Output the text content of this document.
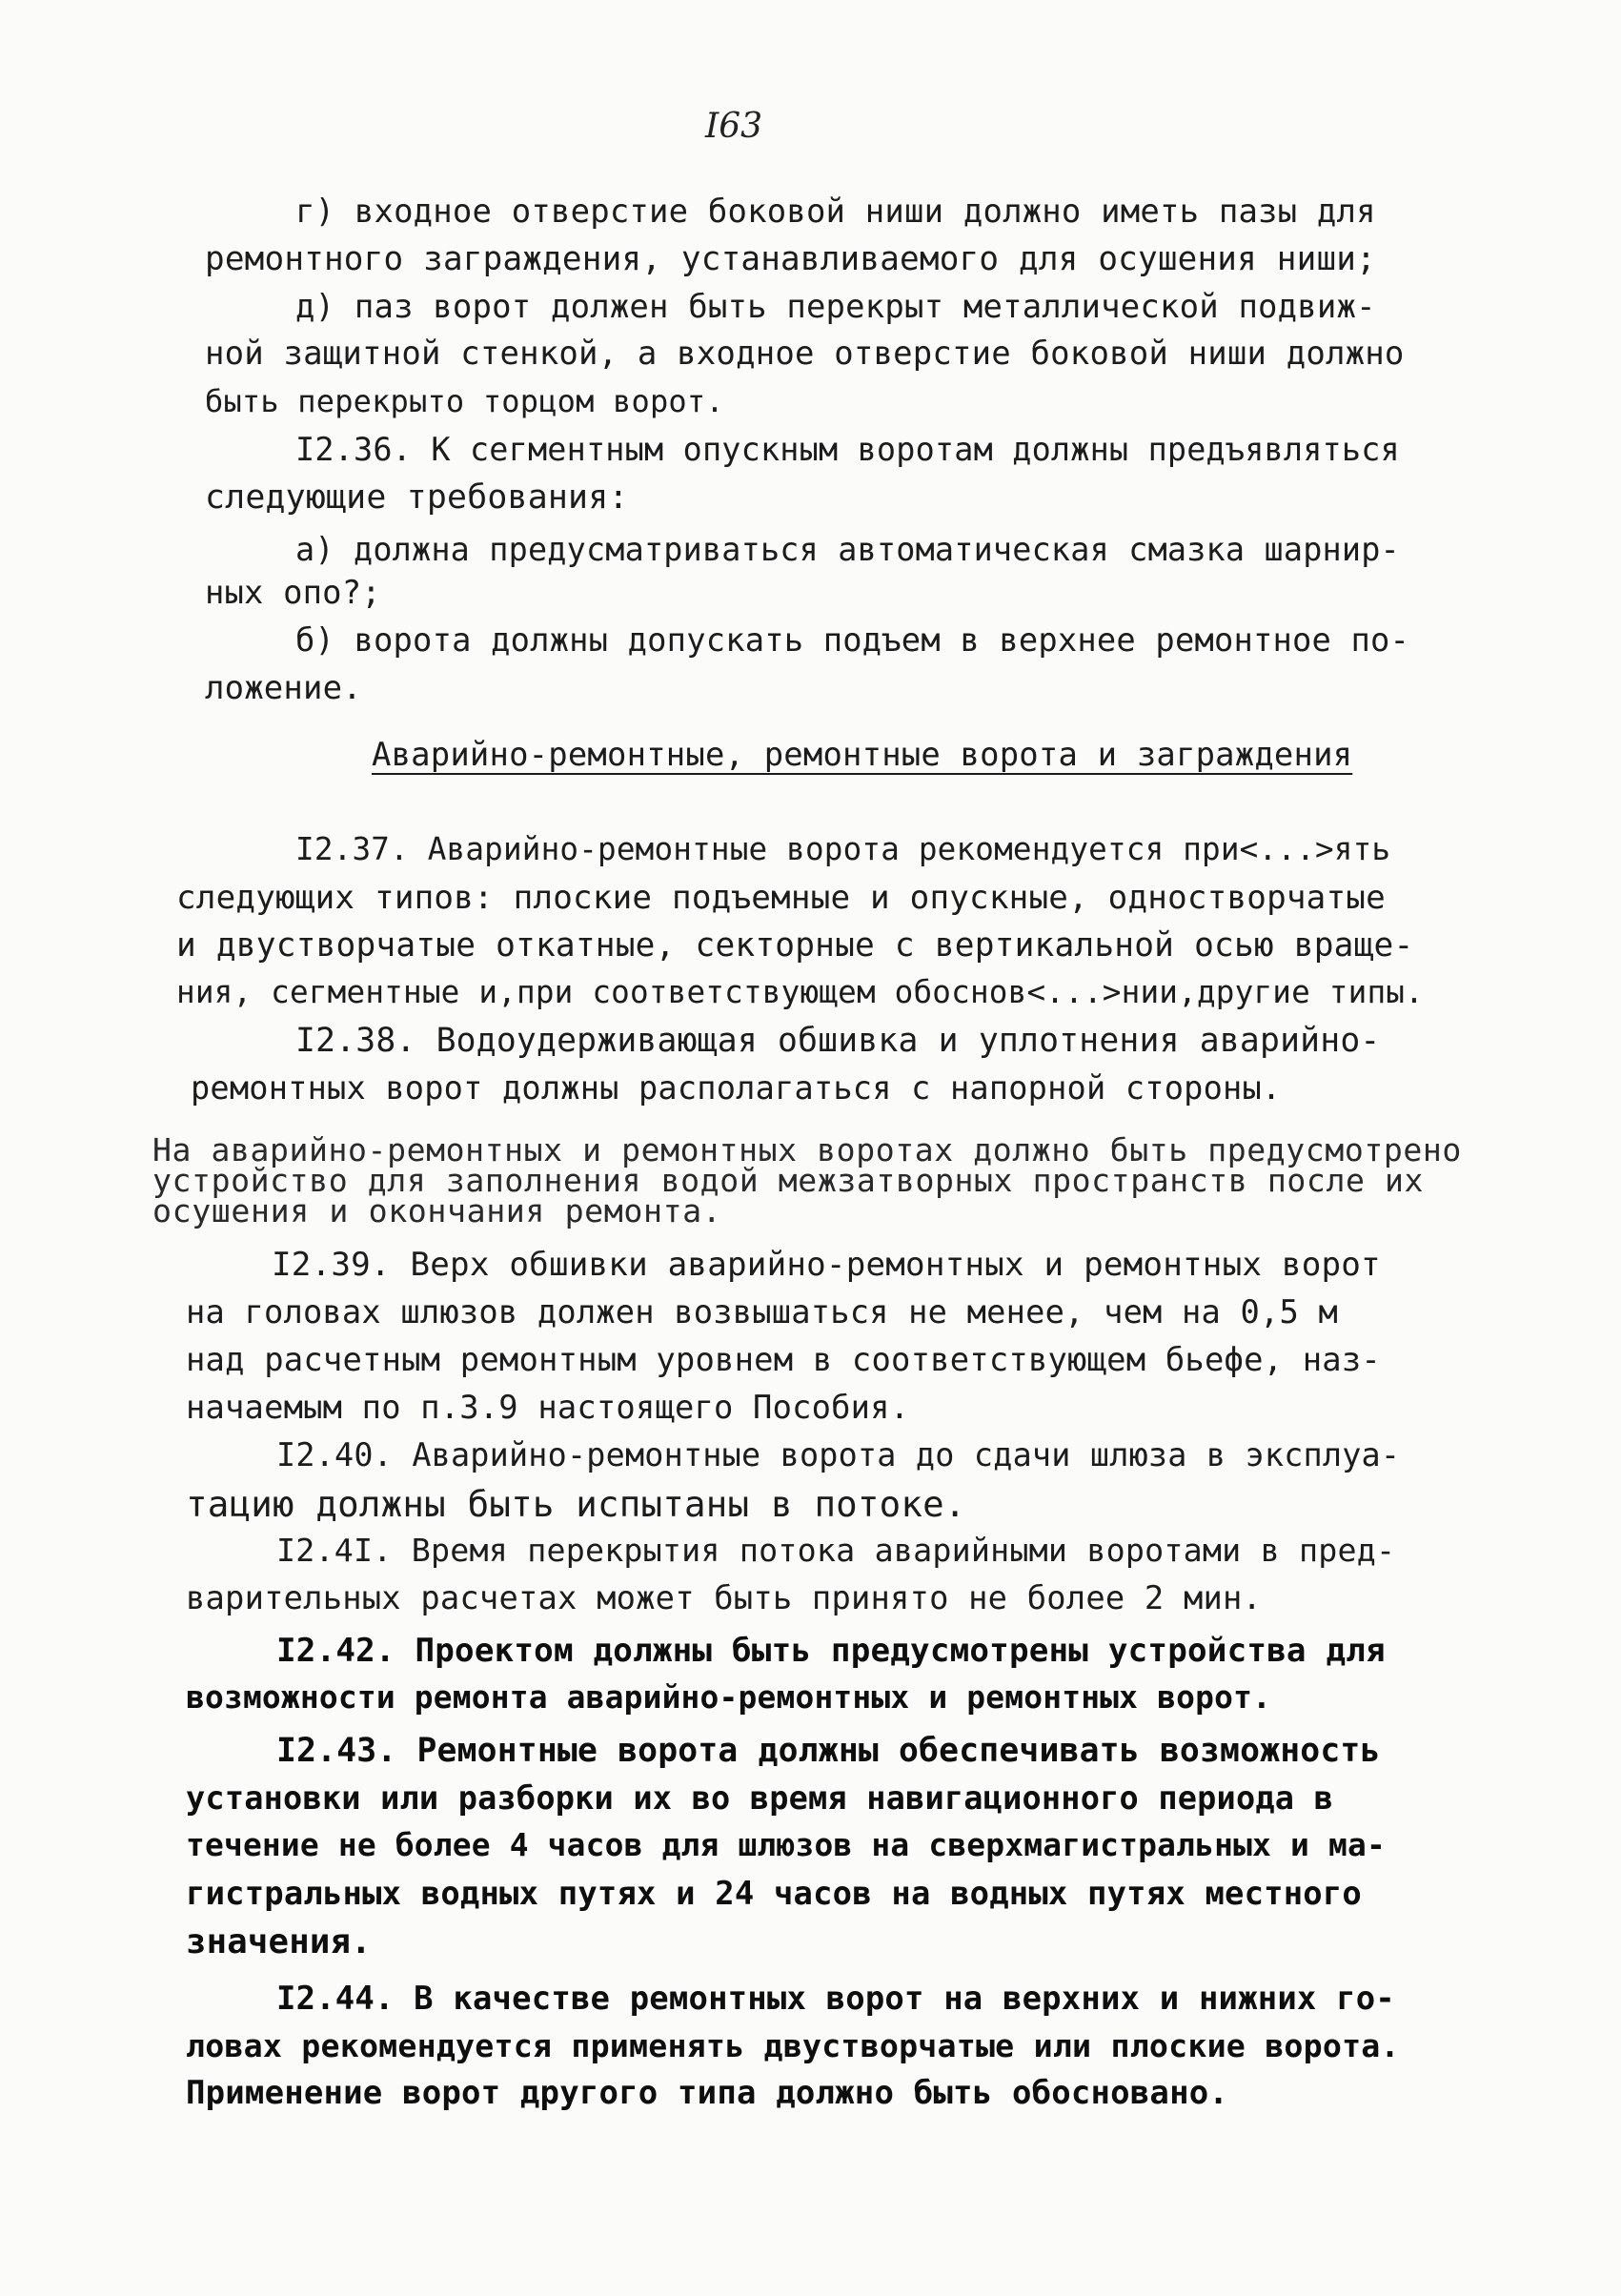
I63
г) входное отверстие боковой ниши должно иметь пазы для
ремонтного заграждения, устанавливаемого для осушения ниши;
д) паз ворот должен быть перекрыт металлической подвиж-
ной защитной стенкой, а входное отверстие боковой ниши должно
быть перекрыто торцом ворот.
I2.36. К сегментным опускным воротам должны предъявляться
следующие требования:
а) должна предусматриваться автоматическая смазка шарнир-
ных опо?;
б) ворота должны допускать подъем в верхнее ремонтное по-
ложение.
Аварийно-ремонтные, ремонтные ворота и заграждения
I2.37. Аварийно-ремонтные ворота рекомендуется при<...>ять
следующих типов: плоские подъемные и опускные, одностворчатые
и двустворчатые откатные, секторные с вертикальной осью враще-
ния, сегментные и,при соответствующем обоснов<...>нии,другие типы.
I2.38. Водоудерживающая обшивка и уплотнения аварийно-
ремонтных ворот должны располагаться с напорной стороны.
На аварийно-ремонтных и ремонтных воротах должно быть предусмотрено
устройство для заполнения водой межзатворных пространств после их
осушения и окончания ремонта.
I2.39. Верх обшивки аварийно-ремонтных и ремонтных ворот
на головах шлюзов должен возвышаться не менее, чем на 0,5 м
над расчетным ремонтным уровнем в соответствующем бьефе, наз-
начаемым по п.3.9 настоящего Пособия.
I2.40. Аварийно-ремонтные ворота до сдачи шлюза в эксплуа-
тацию должны быть испытаны в потоке.
I2.4I. Время перекрытия потока аварийными воротами в пред-
варительных расчетах может быть принято не более 2 мин.
I2.42. Проектом должны быть предусмотрены устройства для
возможности ремонта аварийно-ремонтных и ремонтных ворот.
I2.43. Ремонтные ворота должны обеспечивать возможность
установки или разборки их во время навигационного периода в
течение не более 4 часов для шлюзов на сверхмагистральных и ма-
гистральных водных путях и 24 часов на водных путях местного
значения.
I2.44. В качестве ремонтных ворот на верхних и нижних го-
ловах рекомендуется применять двустворчатые или плоские ворота.
Применение ворот другого типа должно быть обосновано.
